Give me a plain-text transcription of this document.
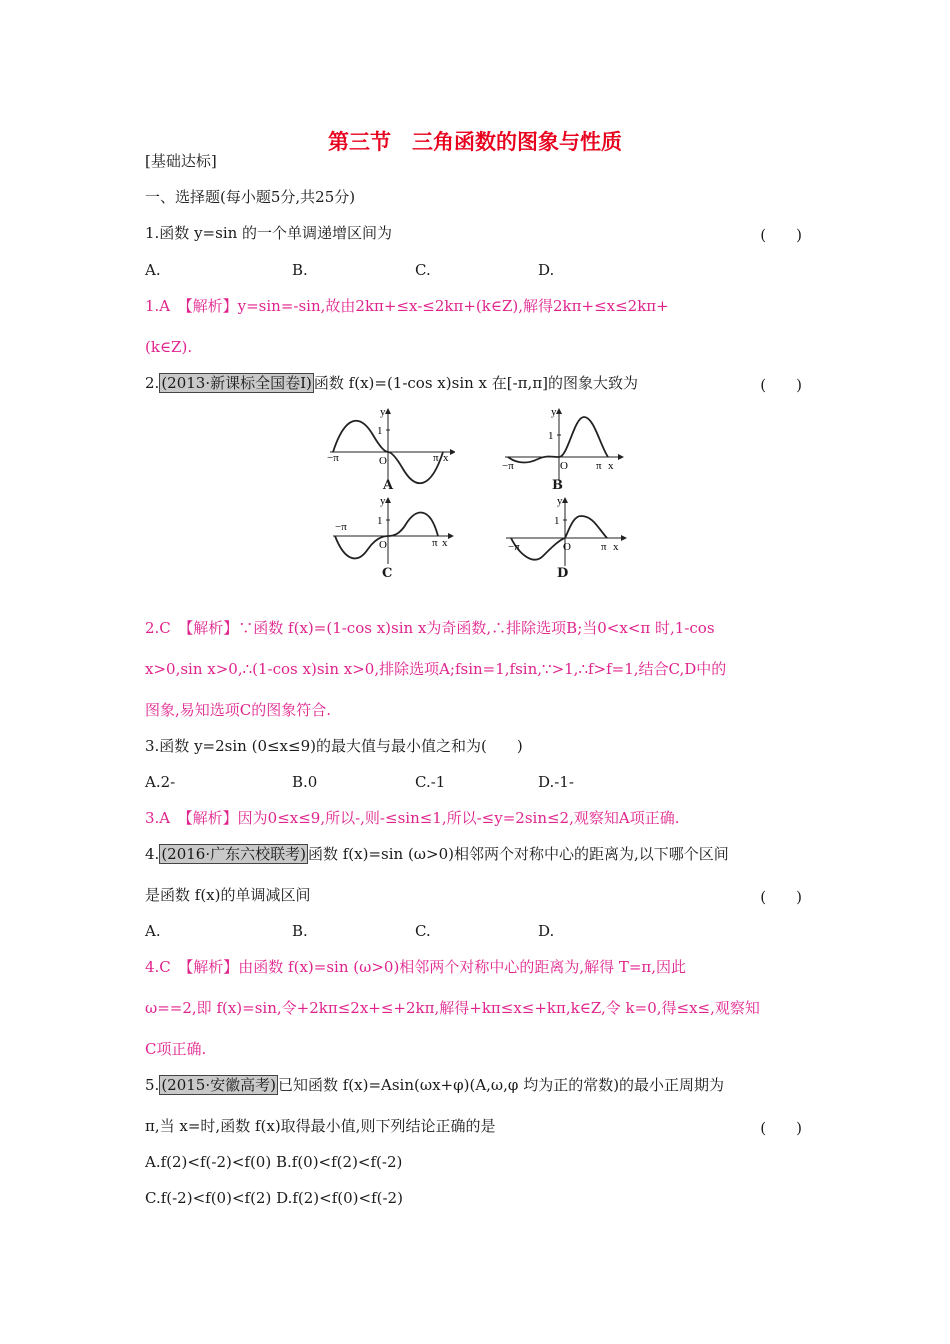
第三节　三角函数的图象与性质
[基础达标]
一、选择题(每小题5分,共25分)
1.函数 y=sin 的一个单调递增区间为	(　　)
A.	B.	C.	D.
1.A　【解析】y=sin=-sin,故由2kπ+≤x-≤2kπ+(k∈Z),解得2kπ+≤x≤2kπ+
(k∈Z).
2. (2013·新课标全国卷Ⅰ) 函数 f(x)=(1-cos x)sin x 在[-π,π]的图象大致为	(　　)
y
1
O
−π	π x
A
y
1
O
−π	π x
B
y
1
O
−π
π x
C
y
1
O
−π	π x
D
2.C　【解析】∵函数 f(x)=(1-cos x)sin x为奇函数,∴排除选项B;当0<x<π 时,1-cos
x>0,sin x>0,∴(1-cos x)sin x>0,排除选项A;fsin=1,fsin,∵>1,∴f>f=1,结合C,D中的
图象,易知选项C的图象符合.
3.函数 y=2sin (0≤x≤9)的最大值与最小值之和为(　　)
A.2-	B.0	C.-1	D.-1-
3.A　【解析】因为0≤x≤9,所以-,则-≤sin≤1,所以-≤y=2sin≤2,观察知A项正确.
4. (2016·广东六校联考) 函数 f(x)=sin (ω>0)相邻两个对称中心的距离为,以下哪个区间
是函数 f(x)的单调减区间	(　　)
A.	B.	C.	D.
4.C　【解析】由函数 f(x)=sin (ω>0)相邻两个对称中心的距离为,解得 T=π,因此
ω==2,即 f(x)=sin,令+2kπ≤2x+≤+2kπ,解得+kπ≤x≤+kπ,k∈Z,令 k=0,得≤x≤,观察知
C项正确.
5. (2015·安徽高考) 已知函数 f(x)=Asin(ωx+φ)(A,ω,φ 均为正的常数)的最小正周期为
π,当 x=时,函数 f(x)取得最小值,则下列结论正确的是	(　　)
A.f(2)<f(-2)<f(0) B.f(0)<f(2)<f(-2)
C.f(-2)<f(0)<f(2) D.f(2)<f(0)<f(-2)
